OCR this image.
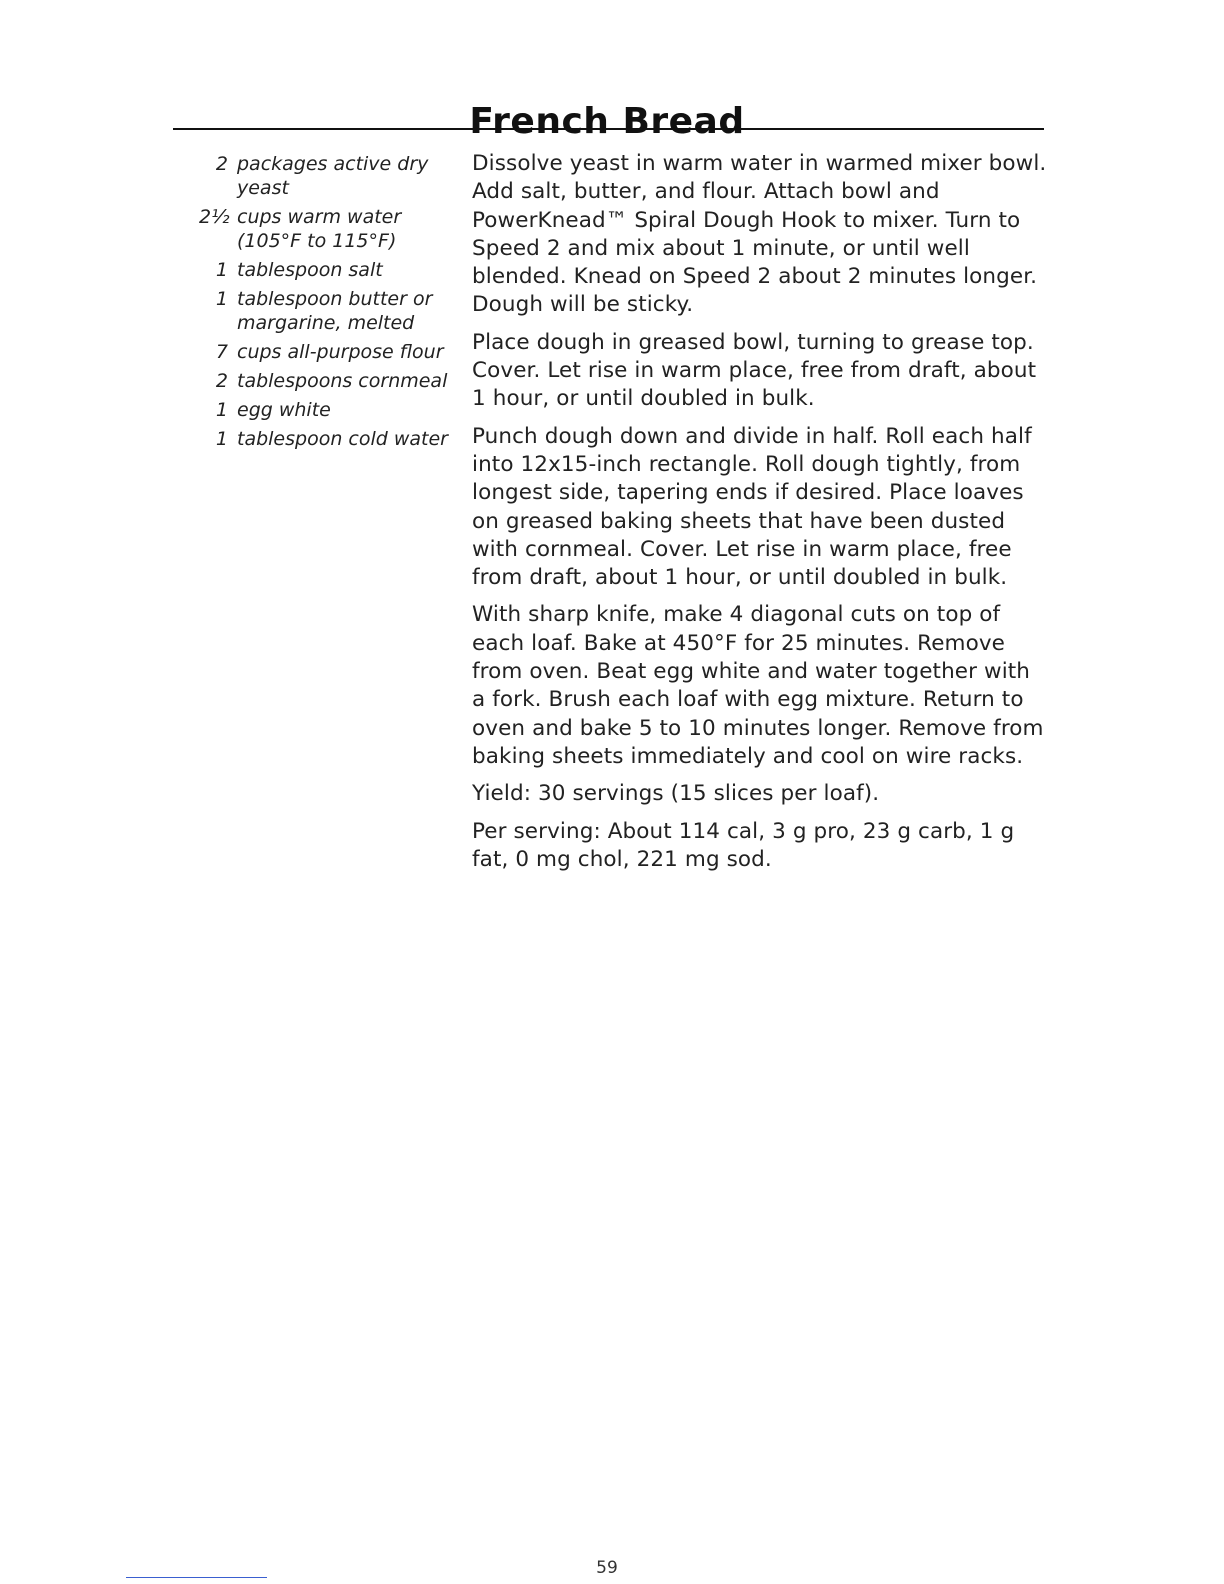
French Bread
2 packages active dry yeast
2½ cups warm water (105°F to 115°F)
1 tablespoon salt
1 tablespoon butter or margarine, melted
7 cups all-purpose flour
2 tablespoons cornmeal
1 egg white
1 tablespoon cold water

Dissolve yeast in warm water in warmed mixer bowl. Add salt, butter, and flour. Attach bowl and PowerKnead™ Spiral Dough Hook to mixer. Turn to Speed 2 and mix about 1 minute, or until well blended. Knead on Speed 2 about 2 minutes longer. Dough will be sticky.

Place dough in greased bowl, turning to grease top. Cover. Let rise in warm place, free from draft, about 1 hour, or until doubled in bulk.

Punch dough down and divide in half. Roll each half into 12x15-inch rectangle. Roll dough tightly, from longest side, tapering ends if desired. Place loaves on greased baking sheets that have been dusted with cornmeal. Cover. Let rise in warm place, free from draft, about 1 hour, or until doubled in bulk.

With sharp knife, make 4 diagonal cuts on top of each loaf. Bake at 450°F for 25 minutes. Remove from oven. Beat egg white and water together with a fork. Brush each loaf with egg mixture. Return to oven and bake 5 to 10 minutes longer. Remove from baking sheets immediately and cool on wire racks.

Yield: 30 servings (15 slices per loaf).

Per serving: About 114 cal, 3 g pro, 23 g carb, 1 g fat, 0 mg chol, 221 mg sod.

59
